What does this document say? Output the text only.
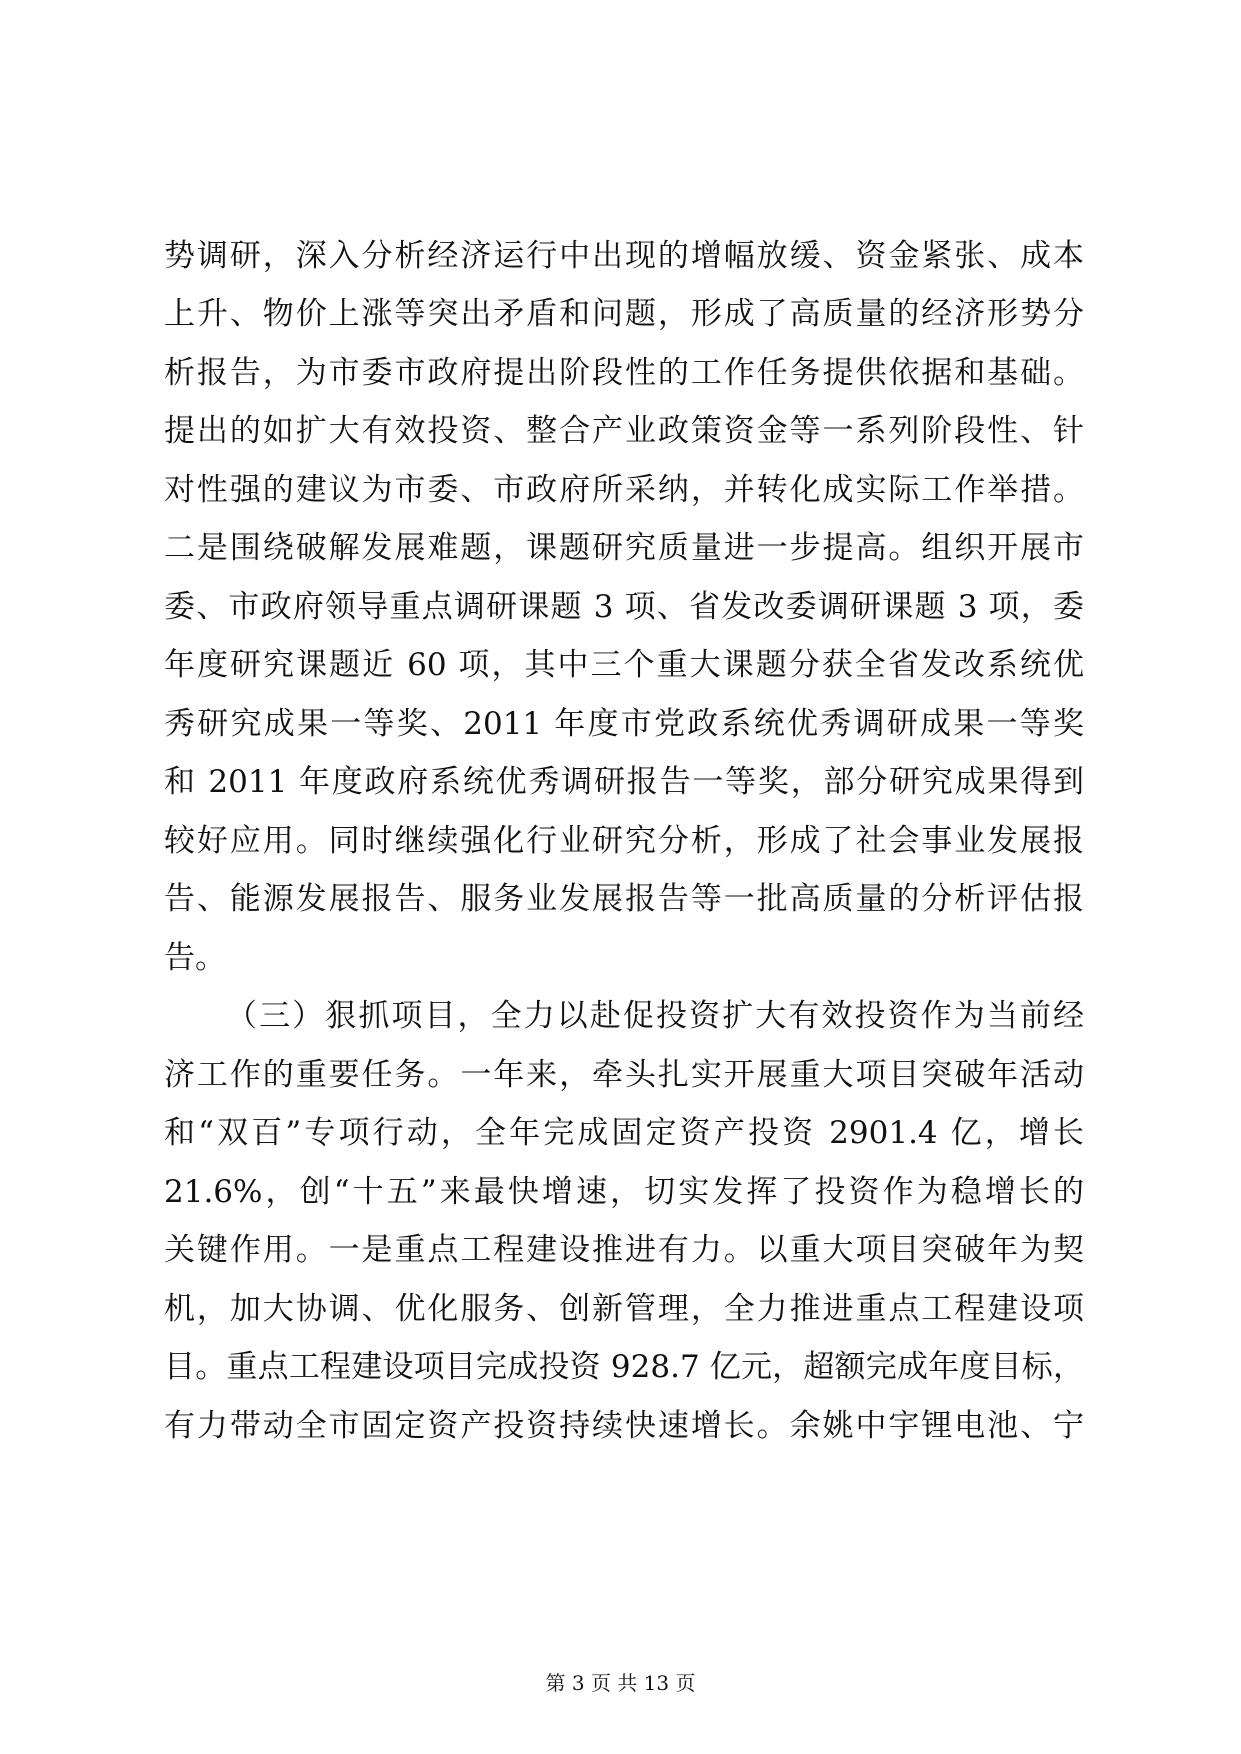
势调研，深入分析经济运行中出现的增幅放缓、资金紧张、成本
上升、物价上涨等突出矛盾和问题，形成了高质量的经济形势分
析报告，为市委市政府提出阶段性的工作任务提供依据和基础。
提出的如扩大有效投资、整合产业政策资金等一系列阶段性、针
对性强的建议为市委、市政府所采纳，并转化成实际工作举措。
二是围绕破解发展难题，课题研究质量进一步提高。组织开展市
委、市政府领导重点调研课题 3 项、省发改委调研课题 3 项，委
年度研究课题近 60 项，其中三个重大课题分获全省发改系统优
秀研究成果一等奖、2011 年度市党政系统优秀调研成果一等奖
和 2011 年度政府系统优秀调研报告一等奖，部分研究成果得到
较好应用。同时继续强化行业研究分析，形成了社会事业发展报
告、能源发展报告、服务业发展报告等一批高质量的分析评估报
告。
（三）狠抓项目，全力以赴促投资扩大有效投资作为当前经
济工作的重要任务。一年来，牵头扎实开展重大项目突破年活动
和“双百”专项行动，全年完成固定资产投资 2901.4 亿，增长
21.6%，创“十五”来最快增速，切实发挥了投资作为稳增长的
关键作用。一是重点工程建设推进有力。以重大项目突破年为契
机，加大协调、优化服务、创新管理，全力推进重点工程建设项
目。重点工程建设项目完成投资 928.7 亿元，超额完成年度目标，
有力带动全市固定资产投资持续快速增长。余姚中宇锂电池、宁
第 3 页 共 13 页
